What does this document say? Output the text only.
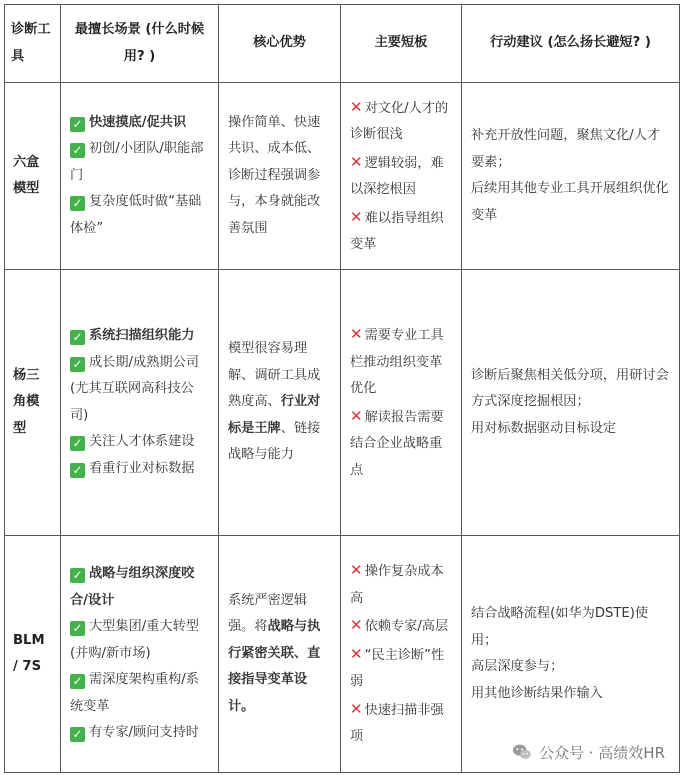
诊断工具	最擅长场景 (什么时候用? )	核心优势	主要短板	行动建议 (怎么扬长避短? )
六盒模型	✓ 快速摸底/促共识
✓ 初创/小团队/职能部门
✓ 复杂度低时做“基础体检”	操作简单、快速共识、成本低、诊断过程强调参与，本身就能改善氛围	✕ 对文化/人才的诊断很浅
✕ 逻辑较弱，难以深挖根因
✕ 难以指导组织变革	补充开放性问题，聚焦文化/人才要素；
后续用其他专业工具开展组织优化变革

杨三角模型	✓ 系统扫描组织能力
✓ 成长期/成熟期公司 (尤其互联网高科技公司)
✓ 关注人才体系建设
✓ 看重行业对标数据	模型很容易理解、调研工具成熟度高、行业对标是王牌、链接战略与能力	✕ 需要专业工具栏推动组织变革优化
✕ 解读报告需要结合企业战略重点	诊断后聚焦相关低分项，用研讨会方式深度挖掘根因；
用对标数据驱动目标设定

BLM / 7S	✓ 战略与组织深度咬合/设计
✓ 大型集团/重大转型 (并购/新市场)
✓ 需深度架构重构/系统变革
✓ 有专家/顾问支持时	系统严密逻辑强。将战略与执行紧密关联、直接指导变革设计。	✕ 操作复杂成本高
✕ 依赖专家/高层
✕ “民主诊断”性弱
✕ 快速扫描非强项	结合战略流程(如华为DSTE)使用；
高层深度参与；
用其他诊断结果作输入
公众号 · 高绩效HR
